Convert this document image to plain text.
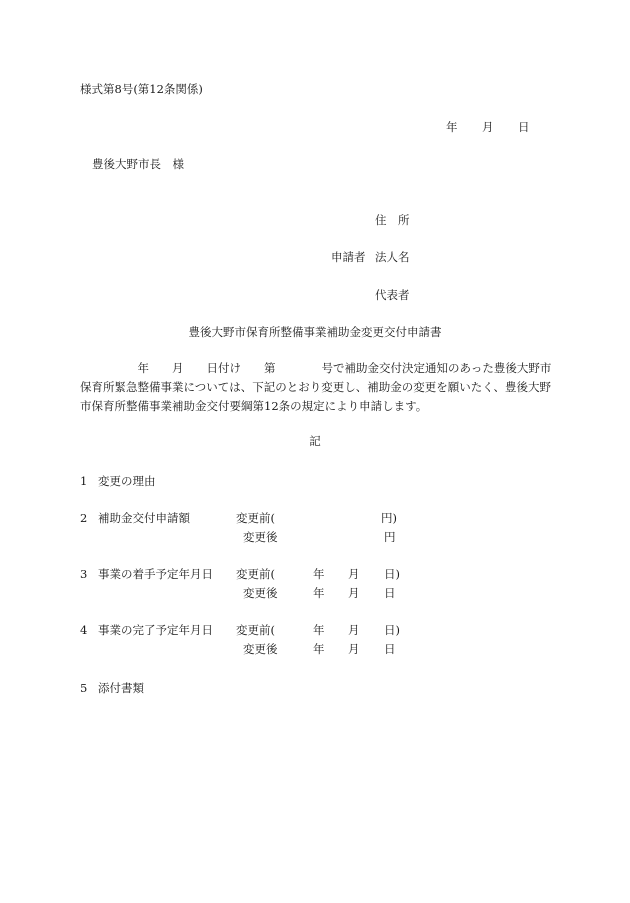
様式第8号(第12条関係)
年 月 日
豊後大野市長　様
住　所
申請者 法人名
代表者
豊後大野市保育所整備事業補助金変更交付申請書
　　　　　年　　月　　日付け　　第　　　　号で補助金交付決定通知のあった豊後大野市保育所緊急整備事業については、下記のとおり変更し、補助金の変更を願いたく、豊後大野市保育所整備事業補助金交付要綱第12条の規定により申請します。
記
1 変更の理由
2 補助金交付申請額	変更前(	円)
変更後	円
3 事業の着手予定年月日 変更前(	年 月 日)
変更後	年 月 日
4 事業の完了予定年月日 変更前(	年 月 日)
変更後	年 月 日
5 添付書類
